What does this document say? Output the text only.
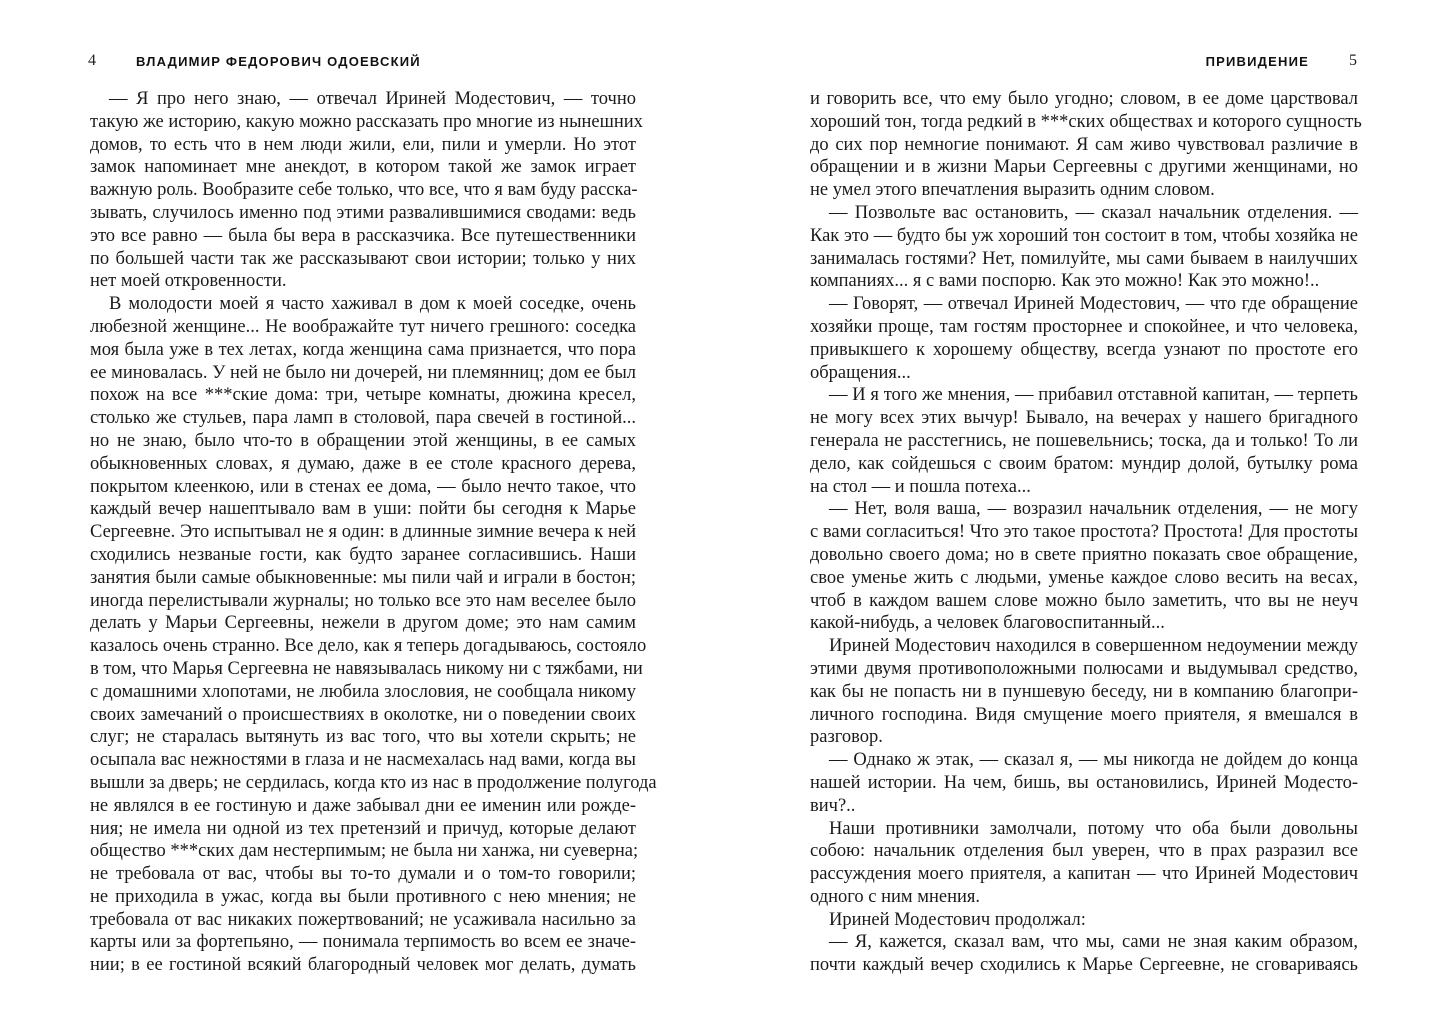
4	ВЛАДИМИР ФЕДОРОВИЧ ОДОЕВСКИЙ
— Я про него знаю, — отвечал Ириней Модестович, — точно
такую же историю, какую можно рассказать про многие из нынешних
домов, то есть что в нем люди жили, ели, пили и умерли. Но этот
замок напоминает мне анекдот, в котором такой же замок играет
важную роль. Вообразите себе только, что все, что я вам буду расска-
зывать, случилось именно под этими развалившимися сводами: ведь
это все равно — была бы вера в рассказчика. Все путешественники
по большей части так же рассказывают свои истории; только у них
нет моей откровенности.
В молодости моей я часто хаживал в дом к моей соседке, очень
любезной женщине... Не воображайте тут ничего грешного: соседка
моя была уже в тех летах, когда женщина сама признается, что пора
ее миновалась. У ней не было ни дочерей, ни племянниц; дом ее был
похож на все ***ские дома: три, четыре комнаты, дюжина кресел,
столько же стульев, пара ламп в столовой, пара свечей в гостиной...
но не знаю, было что-то в обращении этой женщины, в ее самых
обыкновенных словах, я думаю, даже в ее столе красного дерева,
покрытом клеенкою, или в стенах ее дома, — было нечто такое, что
каждый вечер нашептывало вам в уши: пойти бы сегодня к Марье
Сергеевне. Это испытывал не я один: в длинные зимние вечера к ней
сходились незваные гости, как будто заранее согласившись. Наши
занятия были самые обыкновенные: мы пили чай и играли в бостон;
иногда перелистывали журналы; но только все это нам веселее было
делать у Марьи Сергеевны, нежели в другом доме; это нам самим
казалось очень странно. Все дело, как я теперь догадываюсь, состояло
в том, что Марья Сергеевна не навязывалась никому ни с тяжбами, ни
с домашними хлопотами, не любила злословия, не сообщала никому
своих замечаний о происшествиях в околотке, ни о поведении своих
слуг; не старалась вытянуть из вас того, что вы хотели скрыть; не
осыпала вас нежностями в глаза и не насмехалась над вами, когда вы
вышли за дверь; не сердилась, когда кто из нас в продолжение полугода
не являлся в ее гостиную и даже забывал дни ее именин или рожде-
ния; не имела ни одной из тех претензий и причуд, которые делают
общество ***ских дам нестерпимым; не была ни ханжа, ни суеверна;
не требовала от вас, чтобы вы то-то думали и о том-то говорили;
не приходила в ужас, когда вы были противного с нею мнения; не
требовала от вас никаких пожертвований; не усаживала насильно за
карты или за фортепьяно, — понимала терпимость во всем ее значе-
нии; в ее гостиной всякий благородный человек мог делать, думать
ПРИВИДЕНИЕ	5
и говорить все, что ему было угодно; словом, в ее доме царствовал
хороший тон, тогда редкий в ***ских обществах и которого сущность
до сих пор немногие понимают. Я сам живо чувствовал различие в
обращении и в жизни Марьи Сергеевны с другими женщинами, но
не умел этого впечатления выразить одним словом.
— Позвольте вас остановить, — сказал начальник отделения. —
Как это — будто бы уж хороший тон состоит в том, чтобы хозяйка не
занималась гостями? Нет, помилуйте, мы сами бываем в наилучших
компаниях... я с вами поспорю. Как это можно! Как это можно!..
— Говорят, — отвечал Ириней Модестович, — что где обращение
хозяйки проще, там гостям просторнее и спокойнее, и что человека,
привыкшего к хорошему обществу, всегда узнают по простоте его
обращения...
— И я того же мнения, — прибавил отставной капитан, — терпеть
не могу всех этих вычур! Бывало, на вечерах у нашего бригадного
генерала не расстегнись, не пошевельнись; тоска, да и только! То ли
дело, как сойдешься с своим братом: мундир долой, бутылку рома
на стол — и пошла потеха...
— Нет, воля ваша, — возразил начальник отделения, — не могу
с вами согласиться! Что это такое простота? Простота! Для простоты
довольно своего дома; но в свете приятно показать свое обращение,
свое уменье жить с людьми, уменье каждое слово весить на весах,
чтоб в каждом вашем слове можно было заметить, что вы не неуч
какой-нибудь, а человек благовоспитанный...
Ириней Модестович находился в совершенном недоумении между
этими двумя противоположными полюсами и выдумывал средство,
как бы не попасть ни в пуншевую беседу, ни в компанию благопри-
личного господина. Видя смущение моего приятеля, я вмешался в
разговор.
— Однако ж этак, — сказал я, — мы никогда не дойдем до конца
нашей истории. На чем, бишь, вы остановились, Ириней Модесто-
вич?..
Наши противники замолчали, потому что оба были довольны
собою: начальник отделения был уверен, что в прах разразил все
рассуждения моего приятеля, а капитан — что Ириней Модестович
одного с ним мнения.
Ириней Модестович продолжал:
— Я, кажется, сказал вам, что мы, сами не зная каким образом,
почти каждый вечер сходились к Марье Сергеевне, не сговариваясь
